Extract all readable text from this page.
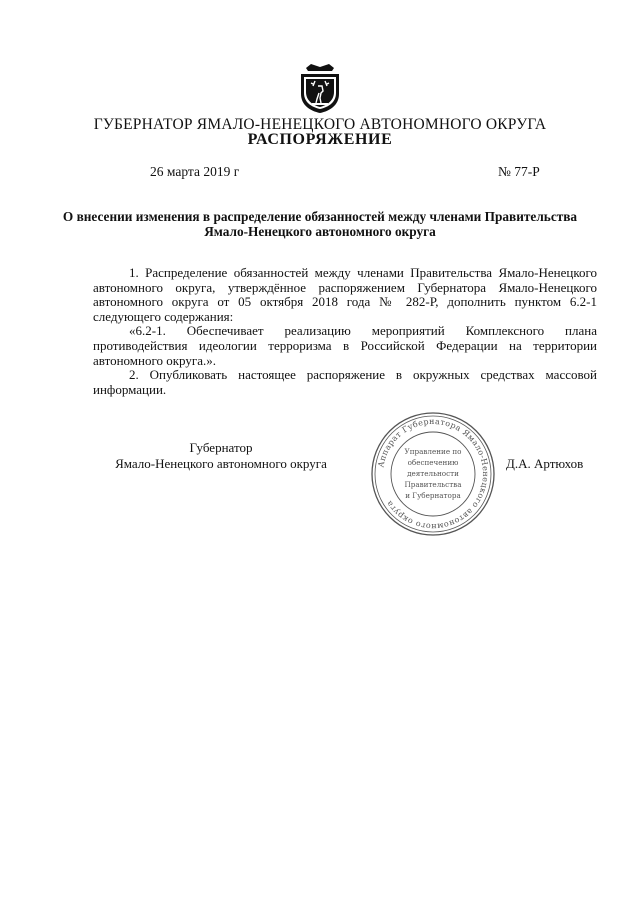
ГУБЕРНАТОР ЯМАЛО-НЕНЕЦКОГО АВТОНОМНОГО ОКРУГА
РАСПОРЯЖЕНИЕ
26 марта 2019 г	№ 77-Р
О внесении изменения в распределение обязанностей между членами Правительства Ямало-Ненецкого автономного округа

1. Распределение обязанностей между членами Правительства Ямало-Ненецкого автономного округа, утверждённое распоряжением Губернатора Ямало-Ненецкого автономного округа от 05 октября 2018 года № 282-Р, дополнить пунктом 6.2-1 следующего содержания:

«6.2-1. Обеспечивает реализацию мероприятий Комплексного плана противодействия идеологии терроризма в Российской Федерации на территории автономного округа.».

2. Опубликовать настоящее распоряжение в окружных средствах массовой информации.

Губернатор
Ямало-Ненецкого автономного округа	Д.А. Артюхов
Аппарат Губернатора Ямало-Ненецкого автономного округа
Управление по
обеспечению
деятельности
Правительства
и Губернатора
